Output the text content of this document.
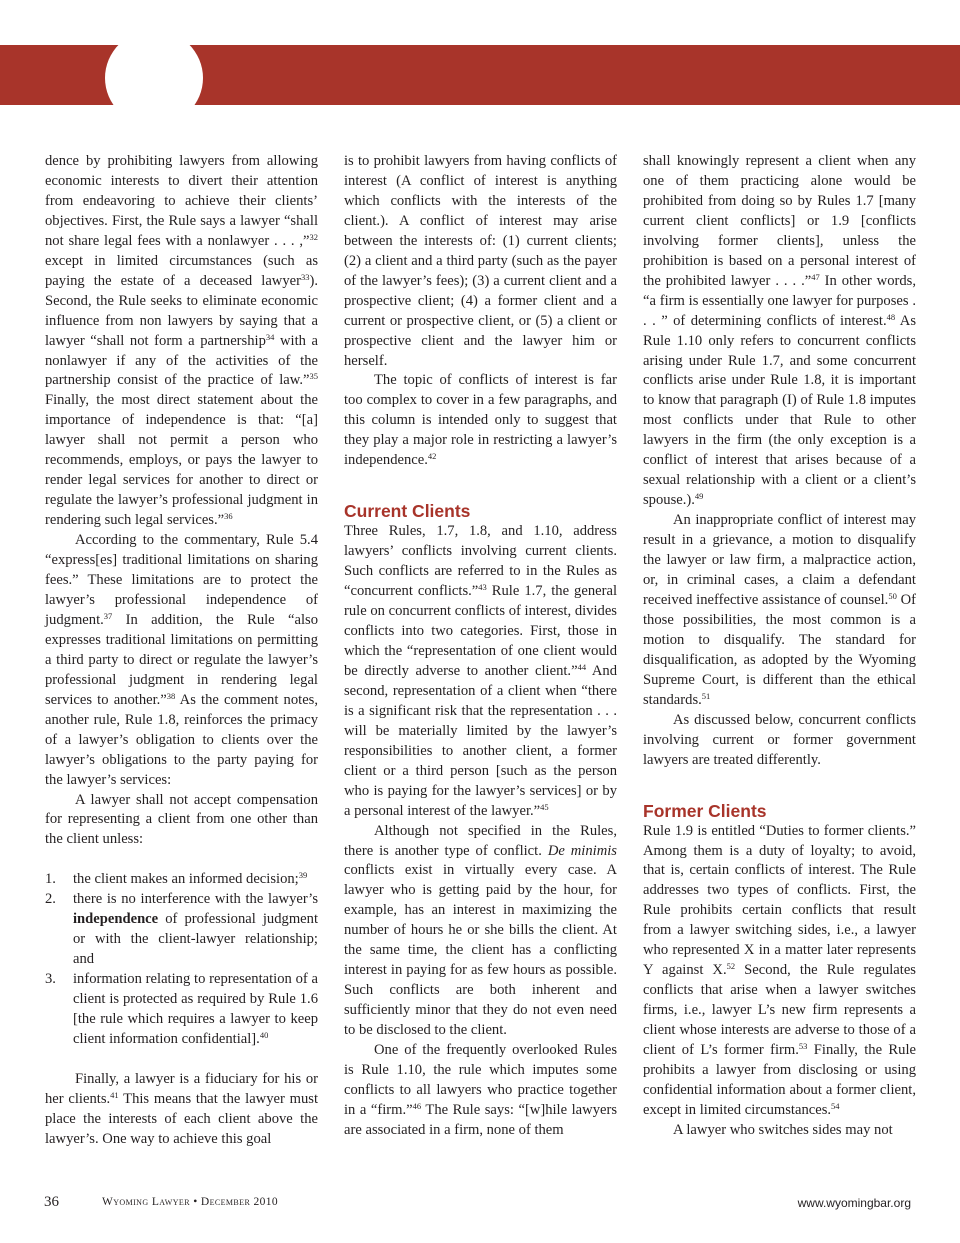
dence by prohibiting lawyers from allowing economic interests to divert their attention from endeavoring to achieve their clients’ objectives. First, the Rule says a lawyer “shall not share legal fees with a nonlawyer . . . ,”$^{32}$ except in limited circumstances (such as paying the estate of a deceased lawyer$^{33}$). Second, the Rule seeks to eliminate economic influence from non lawyers by saying that a lawyer “shall not form a partnership$^{34}$ with a nonlawyer if any of the activities of the partnership consist of the practice of law.”$^{35}$ Finally, the most direct statement about the importance of independence is that: “[a] lawyer shall not permit a person who recommends, employs, or pays the lawyer to render legal services for another to direct or regulate the lawyer’s professional judgment in rendering such legal services.”$^{36}$

According to the commentary, Rule 5.4 “express[es] traditional limitations on sharing fees.” These limitations are to protect the lawyer’s professional independence of judgment.$^{37}$ In addition, the Rule “also expresses traditional limitations on permitting a third party to direct or regulate the lawyer’s professional judgment in rendering legal services to another.”$^{38}$ As the comment notes, another rule, Rule 1.8, reinforces the primacy of a lawyer’s obligation to clients over the lawyer’s obligations to the party paying for the lawyer’s services:

A lawyer shall not accept compensation for representing a client from one other than the client unless:

1. the client makes an informed decision;$^{39}$
2. there is no interference with the lawyer’s independence of professional judgment or with the client-lawyer relationship; and
3. information relating to representation of a client is protected as required by Rule 1.6 [the rule which requires a lawyer to keep client information confidential].$^{40}$

Finally, a lawyer is a fiduciary for his or her clients.$^{41}$ This means that the lawyer must place the interests of each client above the lawyer’s. One way to achieve this goal

is to prohibit lawyers from having conflicts of interest (A conflict of interest is anything which conflicts with the interests of the client.). A conflict of interest may arise between the interests of: (1) current clients; (2) a client and a third party (such as the payer of the lawyer’s fees); (3) a current client and a prospective client; (4) a former client and a current or prospective client, or (5) a client or prospective client and the lawyer him or herself.

The topic of conflicts of interest is far too complex to cover in a few paragraphs, and this column is intended only to suggest that they play a major role in restricting a lawyer’s independence.$^{42}$

Current Clients

Three Rules, 1.7, 1.8, and 1.10, address lawyers’ conflicts involving current clients. Such conflicts are referred to in the Rules as “concurrent conflicts.”$^{43}$ Rule 1.7, the general rule on concurrent conflicts of interest, divides conflicts into two categories. First, those in which the “representation of one client would be directly adverse to another client.”$^{44}$ And second, representation of a client when “there is a significant risk that the representation . . . will be materially limited by the lawyer’s responsibilities to another client, a former client or a third person [such as the person who is paying for the lawyer’s services] or by a personal interest of the lawyer.”$^{45}$

Although not specified in the Rules, there is another type of conflict. De minimis conflicts exist in virtually every case. A lawyer who is getting paid by the hour, for example, has an interest in maximizing the number of hours he or she bills the client. At the same time, the client has a conflicting interest in paying for as few hours as possible. Such conflicts are both inherent and sufficiently minor that they do not even need to be disclosed to the client.

One of the frequently overlooked Rules is Rule 1.10, the rule which imputes some conflicts to all lawyers who practice together in a “firm.”$^{46}$ The Rule says: “[w]hile lawyers are associated in a firm, none of them

shall knowingly represent a client when any one of them practicing alone would be prohibited from doing so by Rules 1.7 [many current client conflicts] or 1.9 [conflicts involving former clients], unless the prohibition is based on a personal interest of the prohibited lawyer . . . .”$^{47}$ In other words, “a firm is essentially one lawyer for purposes . . . ” of determining conflicts of interest.$^{48}$ As Rule 1.10 only refers to concurrent conflicts arising under Rule 1.7, and some concurrent conflicts arise under Rule 1.8, it is important to know that paragraph (I) of Rule 1.8 imputes most conflicts under that Rule to other lawyers in the firm (the only exception is a conflict of interest that arises because of a sexual relationship with a client or a client’s spouse.).$^{49}$

An inappropriate conflict of interest may result in a grievance, a motion to disqualify the lawyer or law firm, a malpractice action, or, in criminal cases, a claim a defendant received ineffective assistance of counsel.$^{50}$ Of those possibilities, the most common is a motion to disqualify. The standard for disqualification, as adopted by the Wyoming Supreme Court, is different than the ethical standards.$^{51}$

As discussed below, concurrent conflicts involving current or former government lawyers are treated differently.

Former Clients

Rule 1.9 is entitled “Duties to former clients.” Among them is a duty of loyalty; to avoid, that is, certain conflicts of interest. The Rule addresses two types of conflicts. First, the Rule prohibits certain conflicts that result from a lawyer switching sides, i.e., a lawyer who represented X in a matter later represents Y against X.$^{52}$ Second, the Rule regulates conflicts that arise when a lawyer switches firms, i.e., lawyer L’s new firm represents a client whose interests are adverse to those of a client of L’s former firm.$^{53}$ Finally, the Rule prohibits a lawyer from disclosing or using confidential information about a former client, except in limited circumstances.$^{54}$

A lawyer who switches sides may not

36	Wyoming Lawyer • December 2010	www.wyomingbar.org
